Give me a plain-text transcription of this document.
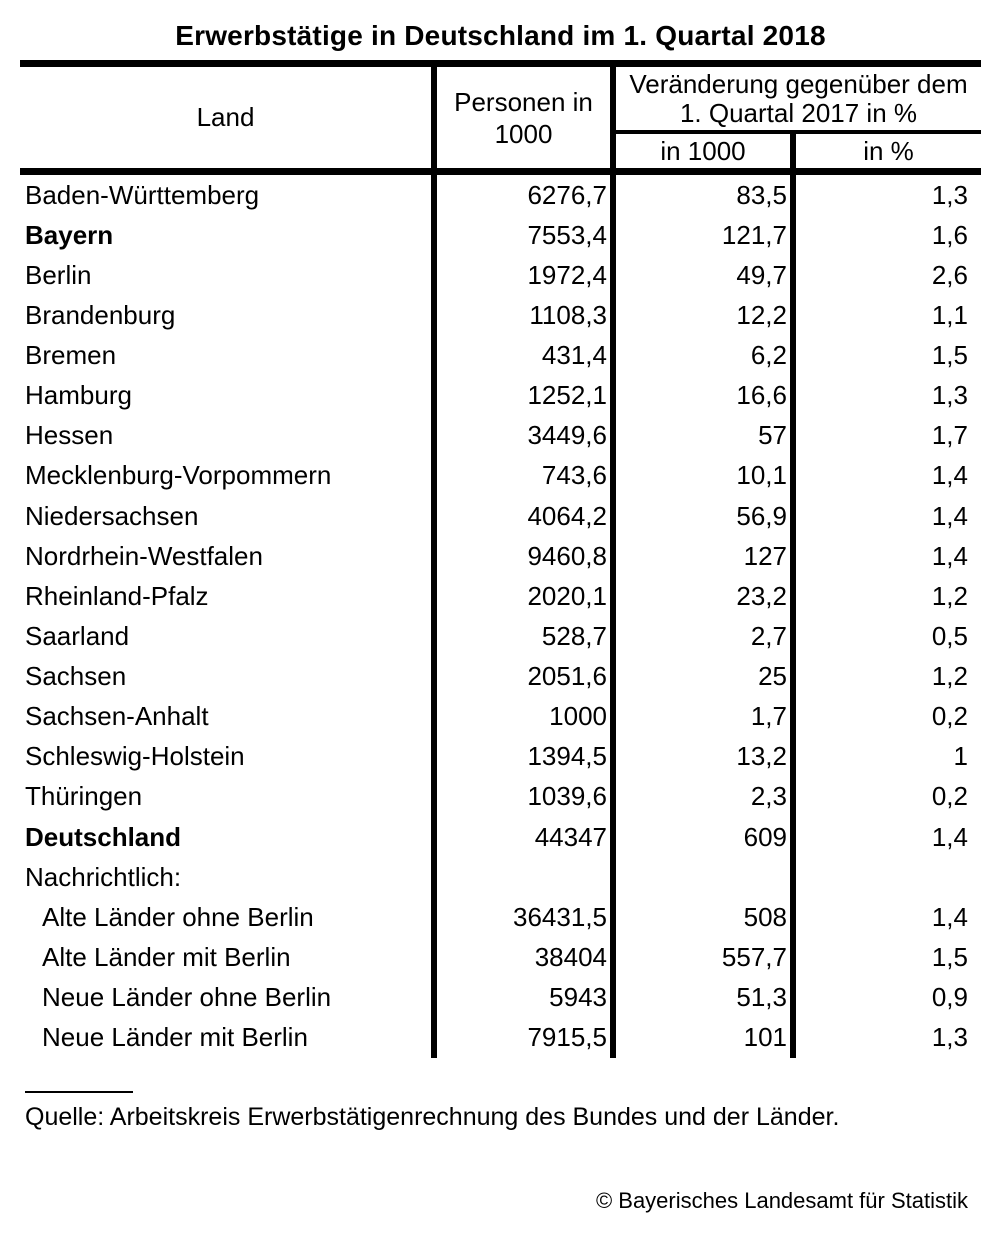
Erwerbstätige in Deutschland im 1. Quartal 2018
Land
Personen in 1000
Veränderung gegenüber dem 1. Quartal 2017 in %
in 1000	in %
Baden-Württemberg	6276,7	83,5	1,3
Bayern	7553,4	121,7	1,6
Berlin	1972,4	49,7	2,6
Brandenburg	1108,3	12,2	1,1
Bremen	431,4	6,2	1,5
Hamburg	1252,1	16,6	1,3
Hessen	3449,6	57	1,7
Mecklenburg-Vorpommern	743,6	10,1	1,4
Niedersachsen	4064,2	56,9	1,4
Nordrhein-Westfalen	9460,8	127	1,4
Rheinland-Pfalz	2020,1	23,2	1,2
Saarland	528,7	2,7	0,5
Sachsen	2051,6	25	1,2
Sachsen-Anhalt	1000	1,7	0,2
Schleswig-Holstein	1394,5	13,2	1
Thüringen	1039,6	2,3	0,2
Deutschland	44347	609	1,4
Nachrichtlich:
Alte Länder ohne Berlin	36431,5	508	1,4
Alte Länder mit Berlin	38404	557,7	1,5
Neue Länder ohne Berlin	5943	51,3	0,9
Neue Länder mit Berlin	7915,5	101	1,3
Quelle: Arbeitskreis Erwerbstätigenrechnung des Bundes und der Länder.
© Bayerisches Landesamt für Statistik
